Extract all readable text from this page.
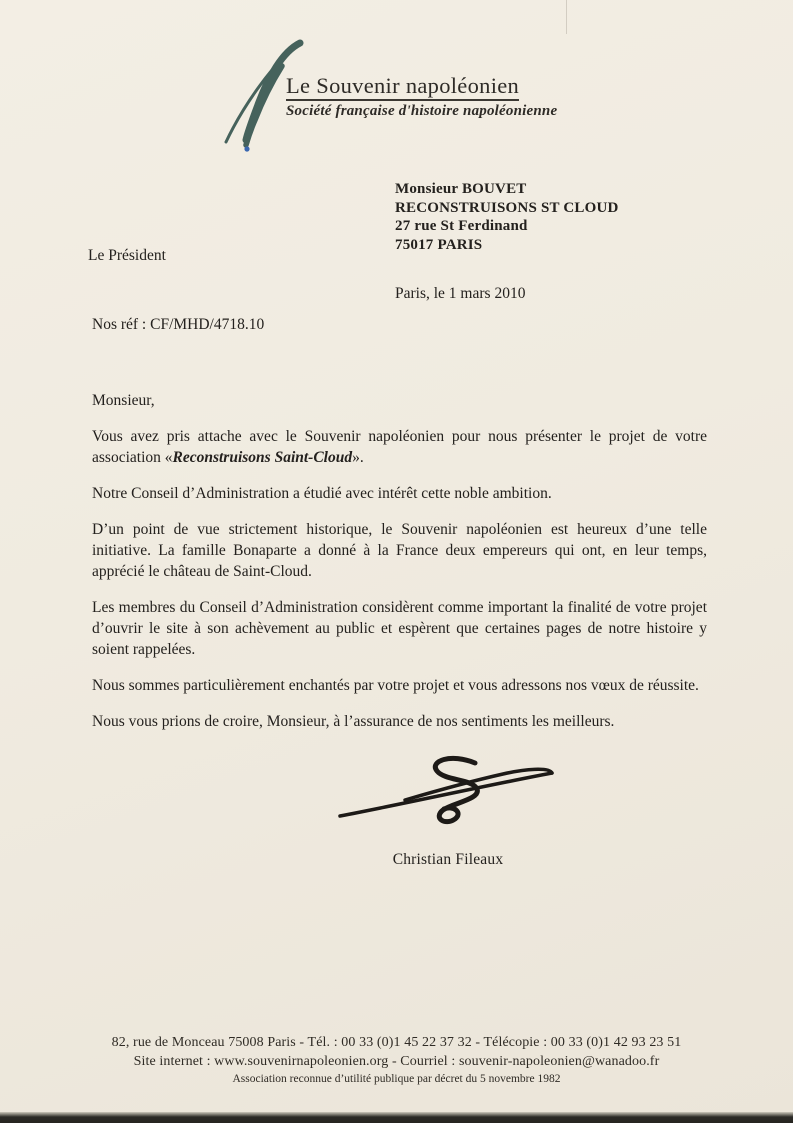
Le Souvenir napoléonien
Société française d'histoire napoléonienne
Monsieur BOUVET
RECONSTRUISONS ST CLOUD
27 rue St Ferdinand
75017 PARIS
Le Président
Paris, le 1 mars 2010
Nos réf : CF/MHD/4718.10

Monsieur,

Vous avez pris attache avec le Souvenir napoléonien pour nous présenter le projet de votre association «Reconstruisons Saint-Cloud».

Notre Conseil d’Administration a étudié avec intérêt cette noble ambition.

D’un point de vue strictement historique, le Souvenir napoléonien est heureux d’une telle initiative. La famille Bonaparte a donné à la France deux empereurs qui ont, en leur temps, apprécié le château de Saint-Cloud.

Les membres du Conseil d’Administration considèrent comme important la finalité de votre projet d’ouvrir le site à son achèvement au public et espèrent que certaines pages de notre histoire y soient rappelées.

Nous sommes particulièrement enchantés par votre projet et vous adressons nos vœux de réussite.

Nous vous prions de croire, Monsieur, à l’assurance de nos sentiments les meilleurs.

Christian Fileaux
82, rue de Monceau 75008 Paris - Tél. : 00 33 (0)1 45 22 37 32 - Télécopie : 00 33 (0)1 42 93 23 51
Site internet : www.souvenirnapoleonien.org - Courriel : souvenir-napoleonien@wanadoo.fr
Association reconnue d’utilité publique par décret du 5 novembre 1982
